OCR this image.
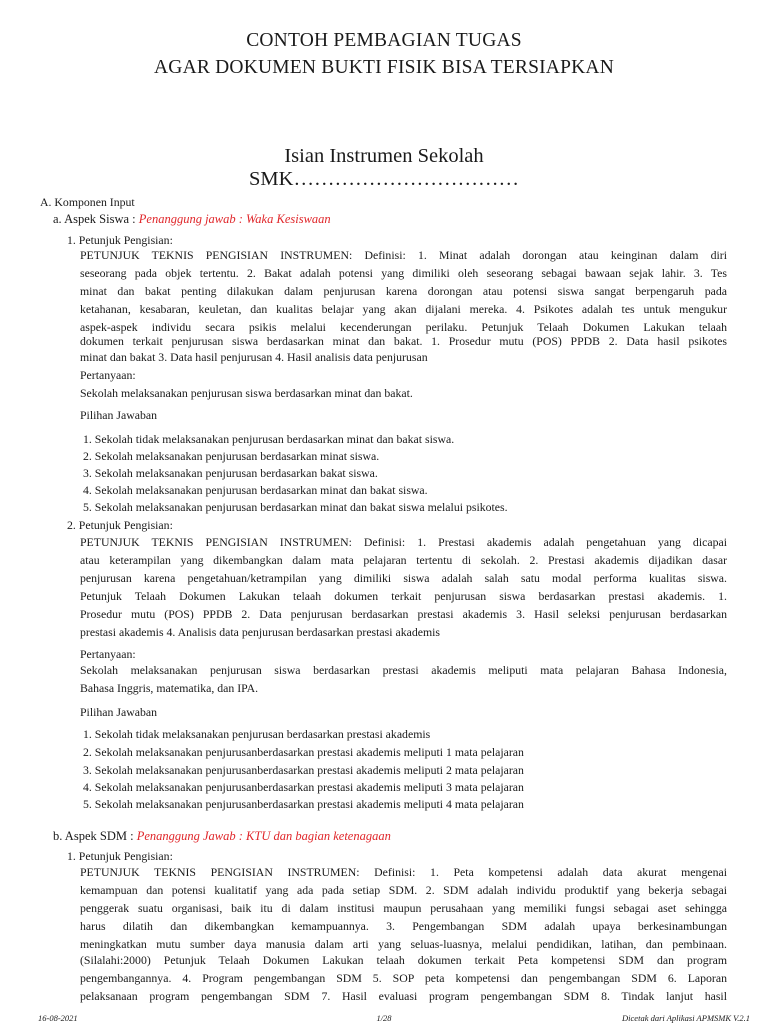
CONTOH PEMBAGIAN TUGAS
AGAR DOKUMEN BUKTI FISIK BISA TERSIAPKAN
Isian Instrumen Sekolah
SMK……………………………
A. Komponen Input
a. Aspek Siswa : Penanggung jawab : Waka Kesiswaan
1. Petunjuk Pengisian:
PETUNJUK TEKNIS PENGISIAN INSTRUMEN: Definisi: 1. Minat adalah dorongan atau keinginan dalam diri
seseorang pada objek tertentu. 2. Bakat adalah potensi yang dimiliki oleh seseorang sebagai bawaan sejak lahir. 3. Tes
minat dan bakat penting dilakukan dalam penjurusan karena dorongan atau potensi siswa sangat berpengaruh pada
ketahanan, kesabaran, keuletan, dan kualitas belajar yang akan dijalani mereka. 4. Psikotes adalah tes untuk mengukur
aspek-aspek individu secara psikis melalui kecenderungan perilaku. Petunjuk Telaah Dokumen Lakukan telaah
dokumen terkait penjurusan siswa berdasarkan minat dan bakat. 1. Prosedur mutu (POS) PPDB 2. Data hasil psikotes
minat dan bakat 3. Data hasil penjurusan 4. Hasil analisis data penjurusan
Pertanyaan:
Sekolah melaksanakan penjurusan siswa berdasarkan minat dan bakat.
Pilihan Jawaban
1. Sekolah tidak melaksanakan penjurusan berdasarkan minat dan bakat siswa.
2. Sekolah melaksanakan penjurusan berdasarkan minat siswa.
3. Sekolah melaksanakan penjurusan berdasarkan bakat siswa.
4. Sekolah melaksanakan penjurusan berdasarkan minat dan bakat siswa.
5. Sekolah melaksanakan penjurusan berdasarkan minat dan bakat siswa melalui psikotes.
2. Petunjuk Pengisian:
PETUNJUK TEKNIS PENGISIAN INSTRUMEN: Definisi: 1. Prestasi akademis adalah pengetahuan yang dicapai
atau keterampilan yang dikembangkan dalam mata pelajaran tertentu di sekolah. 2. Prestasi akademis dijadikan dasar
penjurusan karena pengetahuan/ketrampilan yang dimiliki siswa adalah salah satu modal performa kualitas siswa.
Petunjuk Telaah Dokumen Lakukan telaah dokumen terkait penjurusan siswa berdasarkan prestasi akademis. 1.
Prosedur mutu (POS) PPDB 2. Data penjurusan berdasarkan prestasi akademis 3. Hasil seleksi penjurusan berdasarkan
prestasi akademis 4. Analisis data penjurusan berdasarkan prestasi akademis
Pertanyaan:
Sekolah melaksanakan penjurusan siswa berdasarkan prestasi akademis meliputi mata pelajaran Bahasa Indonesia,
Bahasa Inggris, matematika, dan IPA.
Pilihan Jawaban
1. Sekolah tidak melaksanakan penjurusan berdasarkan prestasi akademis
2. Sekolah melaksanakan penjurusanberdasarkan prestasi akademis meliputi 1 mata pelajaran
3. Sekolah melaksanakan penjurusanberdasarkan prestasi akademis meliputi 2 mata pelajaran
4. Sekolah melaksanakan penjurusanberdasarkan prestasi akademis meliputi 3 mata pelajaran
5. Sekolah melaksanakan penjurusanberdasarkan prestasi akademis meliputi 4 mata pelajaran
b. Aspek SDM : Penanggung Jawab : KTU dan bagian ketenagaan
1. Petunjuk Pengisian:
PETUNJUK TEKNIS PENGISIAN INSTRUMEN: Definisi: 1. Peta kompetensi adalah data akurat mengenai
kemampuan dan potensi kualitatif yang ada pada setiap SDM. 2. SDM adalah individu produktif yang bekerja sebagai
penggerak suatu organisasi, baik itu di dalam institusi maupun perusahaan yang memiliki fungsi sebagai aset sehingga
harus dilatih dan dikembangkan kemampuannya. 3. Pengembangan SDM adalah upaya berkesinambungan
meningkatkan mutu sumber daya manusia dalam arti yang seluas-luasnya, melalui pendidikan, latihan, dan pembinaan.
(Silalahi:2000) Petunjuk Telaah Dokumen Lakukan telaah dokumen terkait Peta kompetensi SDM dan program
pengembangannya. 4. Program pengembangan SDM 5. SOP peta kompetensi dan pengembangan SDM 6. Laporan
pelaksanaan program pengembangan SDM 7. Hasil evaluasi program pengembangan SDM 8. Tindak lanjut hasil
16-08-2021	1/28	Dicetak dari Aplikasi APMSMK V.2.1
